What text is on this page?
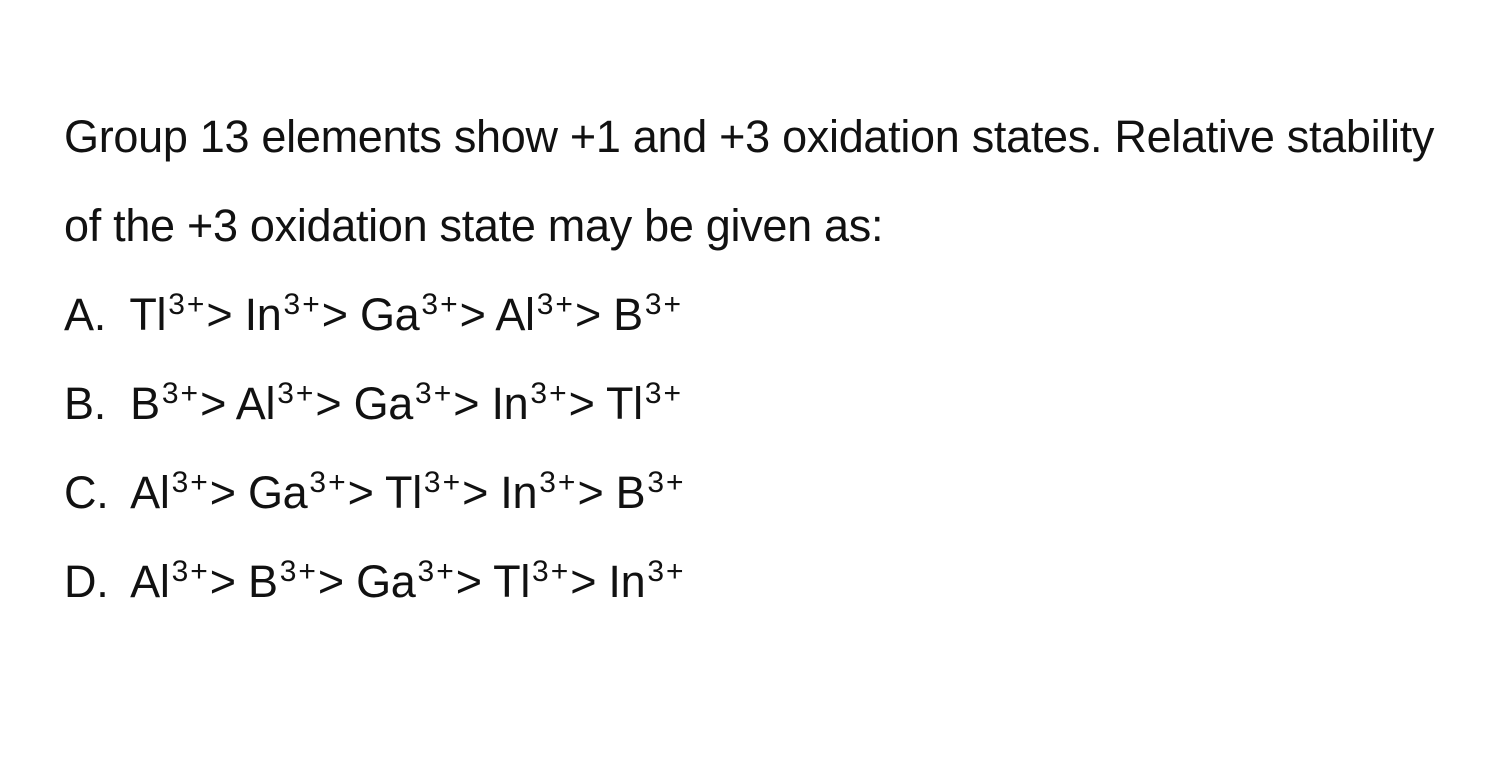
Group 13 elements show +1 and +3 oxidation states. Relative stability of the +3 oxidation state may be given as:

A. $Tl^{3+}> In^{3+}> Ga^{3+}> Al^{3+}> B^{3+}$
B. $B^{3+}> Al^{3+}> Ga^{3+}> In^{3+}> Tl^{3+}$
C. $Al^{3+}> Ga^{3+}> Tl^{3+}> In^{3+}> B^{3+}$
D. $Al^{3+}> B^{3+}> Ga^{3+}> Tl^{3+}> In^{3+}$
